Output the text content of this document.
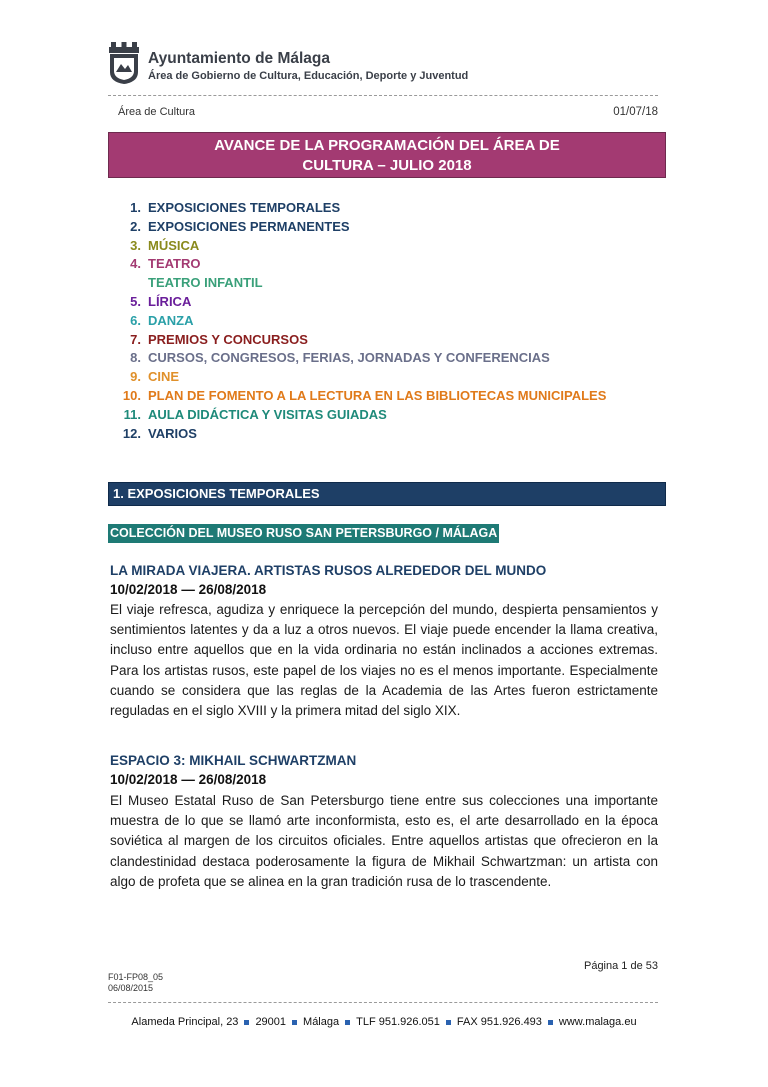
Ayuntamiento de Málaga
Área de Gobierno de Cultura, Educación, Deporte y Juventud
Área de Cultura	01/07/18
AVANCE DE LA PROGRAMACIÓN DEL ÁREA DE
CULTURA – JULIO 2018
1. EXPOSICIONES TEMPORALES
2. EXPOSICIONES PERMANENTES
3. MÚSICA
4. TEATRO
TEATRO INFANTIL
5. LÍRICA
6. DANZA
7. PREMIOS Y CONCURSOS
8. CURSOS, CONGRESOS, FERIAS, JORNADAS Y CONFERENCIAS
9. CINE
10. PLAN DE FOMENTO A LA LECTURA EN LAS BIBLIOTECAS MUNICIPALES
11. AULA DIDÁCTICA Y VISITAS GUIADAS
12. VARIOS
1. EXPOSICIONES TEMPORALES
COLECCIÓN DEL MUSEO RUSO SAN PETERSBURGO / MÁLAGA
LA MIRADA VIAJERA. ARTISTAS RUSOS ALREDEDOR DEL MUNDO
10/02/2018 — 26/08/2018
El viaje refresca, agudiza y enriquece la percepción del mundo, despierta pensamientos y sentimientos latentes y da a luz a otros nuevos. El viaje puede encender la llama creativa, incluso entre aquellos que en la vida ordinaria no están inclinados a acciones extremas. Para los artistas rusos, este papel de los viajes no es el menos importante. Especialmente cuando se considera que las reglas de la Academia de las Artes fueron estrictamente reguladas en el siglo XVIII y la primera mitad del siglo XIX.
ESPACIO 3: MIKHAIL SCHWARTZMAN
10/02/2018 — 26/08/2018
El Museo Estatal Ruso de San Petersburgo tiene entre sus colecciones una importante muestra de lo que se llamó arte inconformista, esto es, el arte desarrollado en la época soviética al margen de los circuitos oficiales. Entre aquellos artistas que ofrecieron en la clandestinidad destaca poderosamente la figura de Mikhail Schwartzman: un artista con algo de profeta que se alinea en la gran tradición rusa de lo trascendente.
Página 1 de 53
F01-FP08_05
06/08/2015
Alameda Principal, 23 29001 Málaga TLF 951.926.051 FAX 951.926.493 www.malaga.eu
